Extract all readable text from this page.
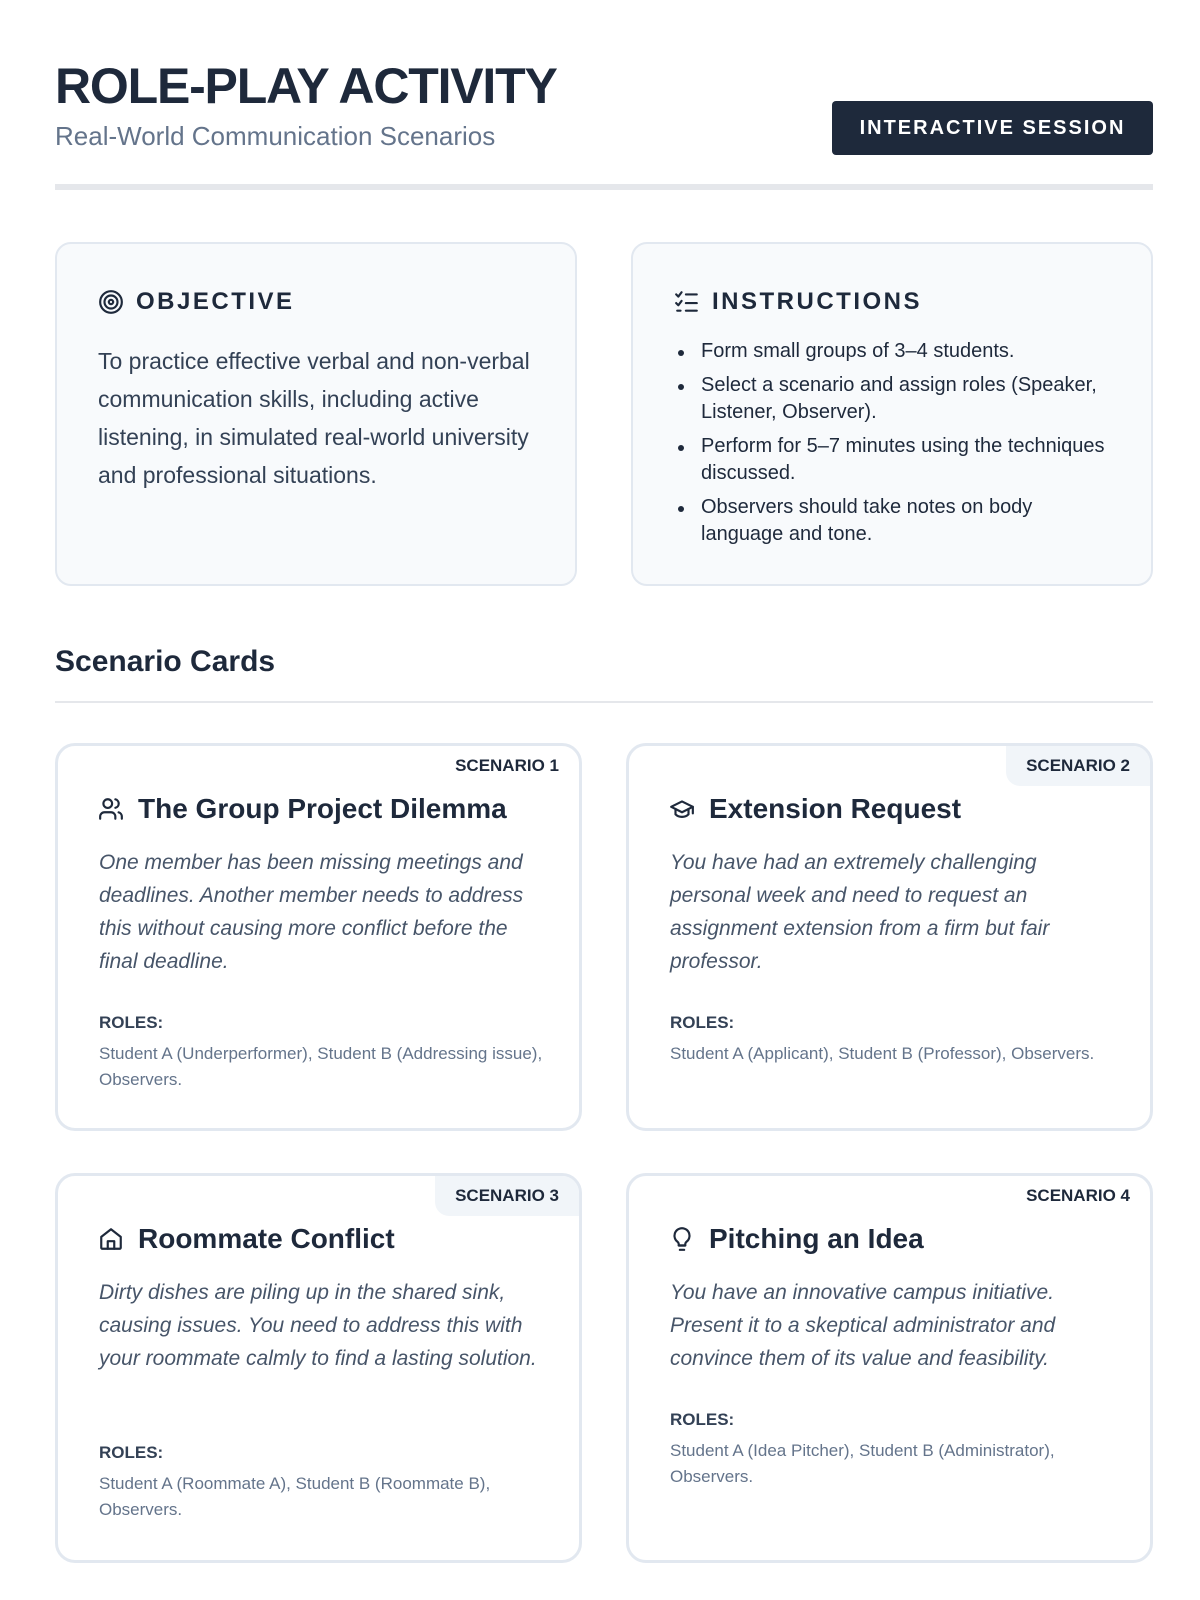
ROLE-PLAY ACTIVITY
Real-World Communication Scenarios	INTERACTIVE SESSION
OBJECTIVE

To practice effective verbal and non-verbal communication skills, including active listening, in simulated real-world university and professional situations.

INSTRUCTIONS
Form small groups of 3–4 students.
Select a scenario and assign roles (Speaker, Listener, Observer).
Perform for 5–7 minutes using the techniques discussed.
Observers should take notes on body language and tone.
Scenario Cards
SCENARIO 1
The Group Project Dilemma

One member has been missing meetings and deadlines. Another member needs to address this without causing more conflict before the final deadline.

ROLES:
Student A (Underperformer), Student B (Addressing issue), Observers.
SCENARIO 2
Extension Request

You have had an extremely challenging personal week and need to request an assignment extension from a firm but fair professor.

ROLES:
Student A (Applicant), Student B (Professor), Observers.
SCENARIO 3
Roommate Conflict

Dirty dishes are piling up in the shared sink, causing issues. You need to address this with your roommate calmly to find a lasting solution.

ROLES:
Student A (Roommate A), Student B (Roommate B), Observers.
SCENARIO 4
Pitching an Idea

You have an innovative campus initiative. Present it to a skeptical administrator and convince them of its value and feasibility.

ROLES:
Student A (Idea Pitcher), Student B (Administrator), Observers.
